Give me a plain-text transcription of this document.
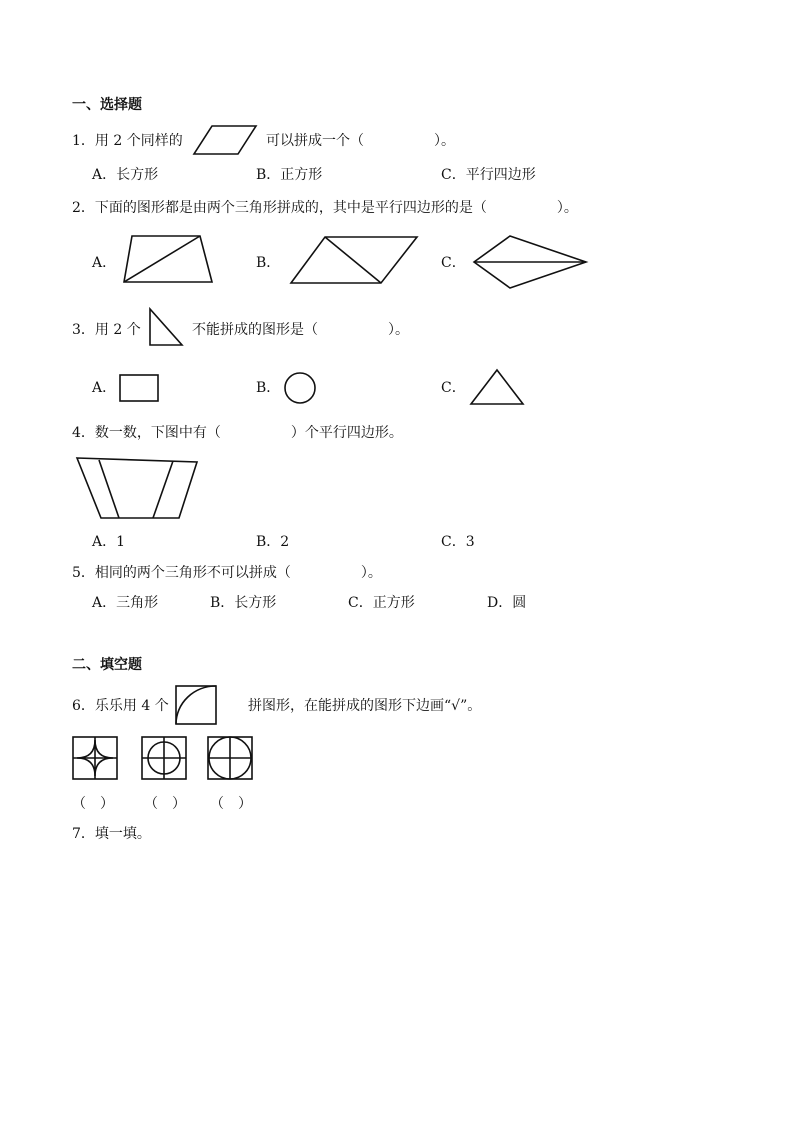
一、选择题
1．用 2 个同样的	可以拼成一个（　　　　　）。
A．长方形	B．正方形	C．平行四边形
2．下面的图形都是由两个三角形拼成的，其中是平行四边形的是（　　　　　）。
A．	B．	C．
3．用 2 个	不能拼成的图形是（　　　　　）。
A．	B．	C．
4．数一数，下图中有（　　　　　）个平行四边形。
A．1	B．2	C．3
5．相同的两个三角形不可以拼成（　　　　　）。
A．三角形	B．长方形	C．正方形	D．圆
二、填空题
6．乐乐用 4 个	拼图形，在能拼成的图形下边画“√”。
（　） （　） （　）
7．填一填。
